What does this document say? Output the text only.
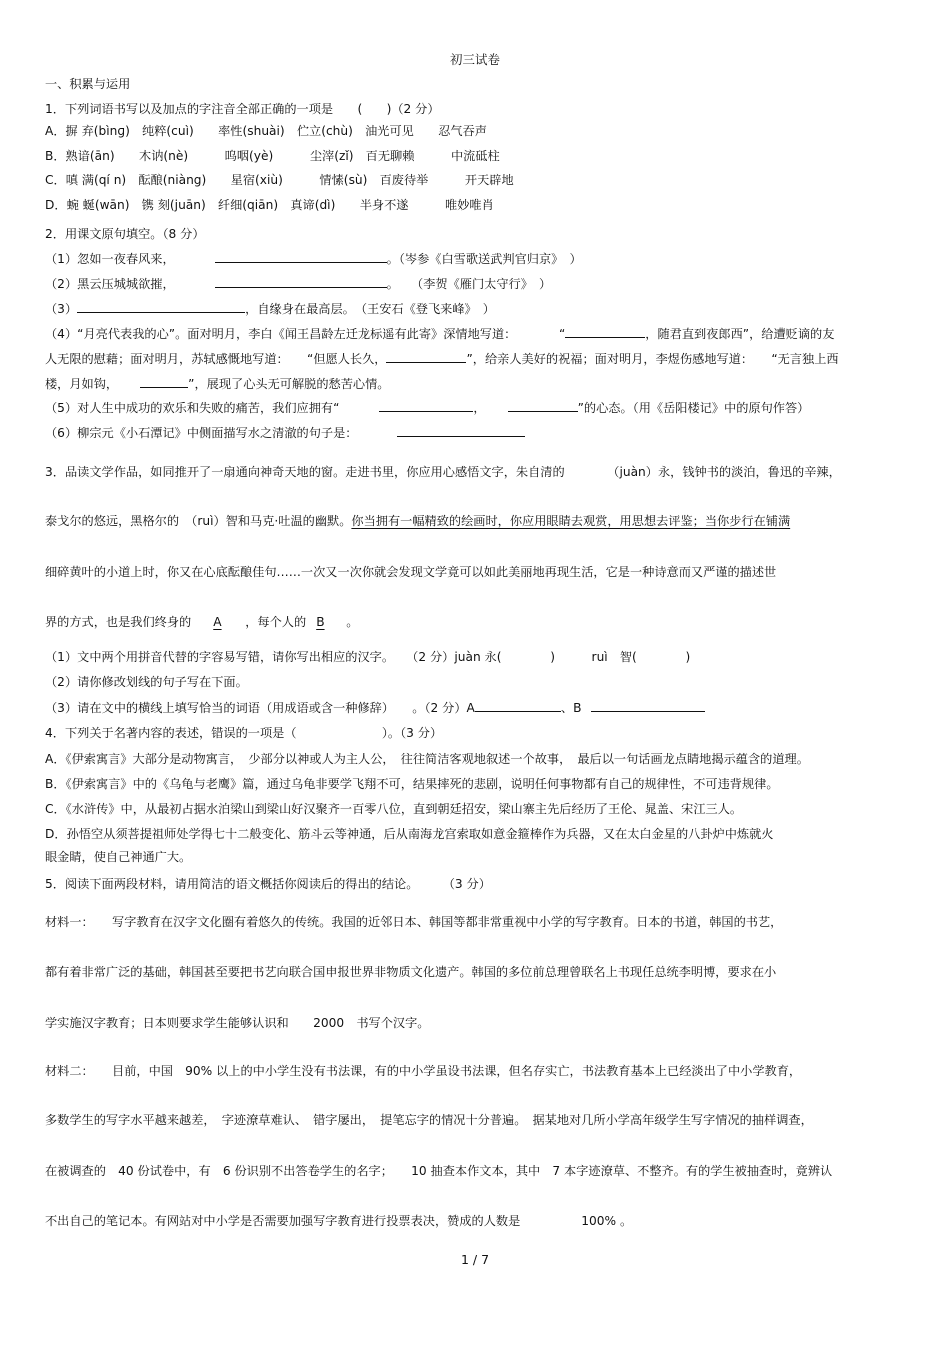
初三试卷
一、积累与运用
1．下列词语书写以及加点的字注音全部正确的一项是　　(　　)（2 分）
A．摒 弃(bìnɡ)　纯粹(cuì)　　率性(shuài)　伫立(chù)　油光可见　　忍气吞声
B．熟谙(ān)　　木讷(nè)　　　呜咽(yè)　　　尘滓(zǐ)　百无聊赖　　　中流砥柱
C．嗔 满(qí n)　酝酿(niàng)　　星宿(xiù)　　　情愫(sù)　百废待举　　　开天辟地
D．蜿 蜒(wān)　镌 刻(juān)　纤细(qiān)　真谛(dì)　　半身不遂　　　唯妙唯肖
2．用课文原句填空。（8 分）
（1）忽如一夜春风来，	。（岑参《白雪歌送武判官归京》　）
（2）黑云压城城欲摧，	。　　（李贺《雁门太守行》　）
（3）	，自缘身在最高层。　（王安石《登飞来峰》　）
（4）“月亮代表我的心”。面对明月，李白《闻王昌龄左迁龙标遥有此寄》深情地写道：　　　　“	，随君直到夜郎西”，给遭贬谪的友
人无限的慰藉；面对明月，苏轼感慨地写道：　　“但愿人长久，	”，给亲人美好的祝福；面对明月，李煜伤感地写道：　　“无言独上西
楼，月如钩，	”，展现了心头无可解脱的愁苦心情。
（5）对人生中成功的欢乐和失败的痛苦，我们应拥有“	，	”的心态。（用《岳阳楼记》中的原句作答）
（6）柳宗元《小石潭记》中侧面描写水之清澈的句子是：
3．品读文学作品，如同推开了一扇通向神奇天地的窗。走进书里，你应用心感悟文字，朱自清的　　　　（juàn）永，钱钟书的淡泊，鲁迅的辛辣，
泰戈尔的悠远，黑格尔的　（ruì）智和马克·吐温的幽默。你当拥有一幅精致的绘画时，你应用眼睛去观赏，用思想去评鉴；当你步行在铺满
细碎黄叶的小道上时，你又在心底酝酿佳句……一次又一次你就会发现文学竟可以如此美丽地再现生活，它是一种诗意而又严谨的描述世
界的方式，也是我们终身的 A ，每个人的 B 。
（1）文中两个用拼音代替的字容易写错，请你写出相应的汉字。　　（2 分）juàn 永(　　　　)　　　ruì　智(　　　　)
（2）请你修改划线的句子写在下面。
（3）请在文中的横线上填写恰当的词语（用成语或含一种修辞）　　。（2 分）A	、B
4．下列关于名著内容的表述，错误的一项是（　　　　　　　）。（3 分）
A．《伊索寓言》大部分是动物寓言，　少部分以神或人为主人公，　往往简洁客观地叙述一个故事，　最后以一句话画龙点睛地揭示蕴含的道理。
B．《伊索寓言》中的《乌龟与老鹰》篇，通过乌龟非要学飞翔不可，结果摔死的悲剧，说明任何事物都有自己的规律性，不可违背规律。
C．《水浒传》中，从最初占据水泊梁山到梁山好汉聚齐一百零八位，直到朝廷招安，梁山寨主先后经历了王伦、晁盖、宋江三人。
D．孙悟空从须菩提祖师处学得七十二般变化、筋斗云等神通，后从南海龙宫索取如意金箍棒作为兵器，又在太白金星的八卦炉中炼就火
眼金睛，使自己神通广大。
5．阅读下面两段材料，请用简洁的语文概括你阅读后的得出的结论。　　　（3 分）
材料一：　　写字教育在汉字文化圈有着悠久的传统。我国的近邻日本、韩国等都非常重视中小学的写字教育。日本的书道，韩国的书艺，
都有着非常广泛的基础，韩国甚至要把书艺向联合国申报世界非物质文化遗产。韩国的多位前总理曾联名上书现任总统李明博，要求在小
学实施汉字教育；日本则要求学生能够认识和　　2000　书写个汉字。
材料二：　　目前，中国　90% 以上的中小学生没有书法课，有的中小学虽设书法课，但名存实亡，书法教育基本上已经淡出了中小学教育，
多数学生的写字水平越来越差，　字迹潦草难认、　错字屡出，　提笔忘字的情况十分普遍。　据某地对几所小学高年级学生写字情况的抽样调查，
在被调查的　40 份试卷中，有　6 份识别不出答卷学生的名字；　　10 抽查本作文本，其中　7 本字迹潦草、不整齐。有的学生被抽查时，竟辨认
不出自己的笔记本。有网站对中小学是否需要加强写字教育进行投票表决，赞成的人数是　　　　　100% 。
1 / 7
